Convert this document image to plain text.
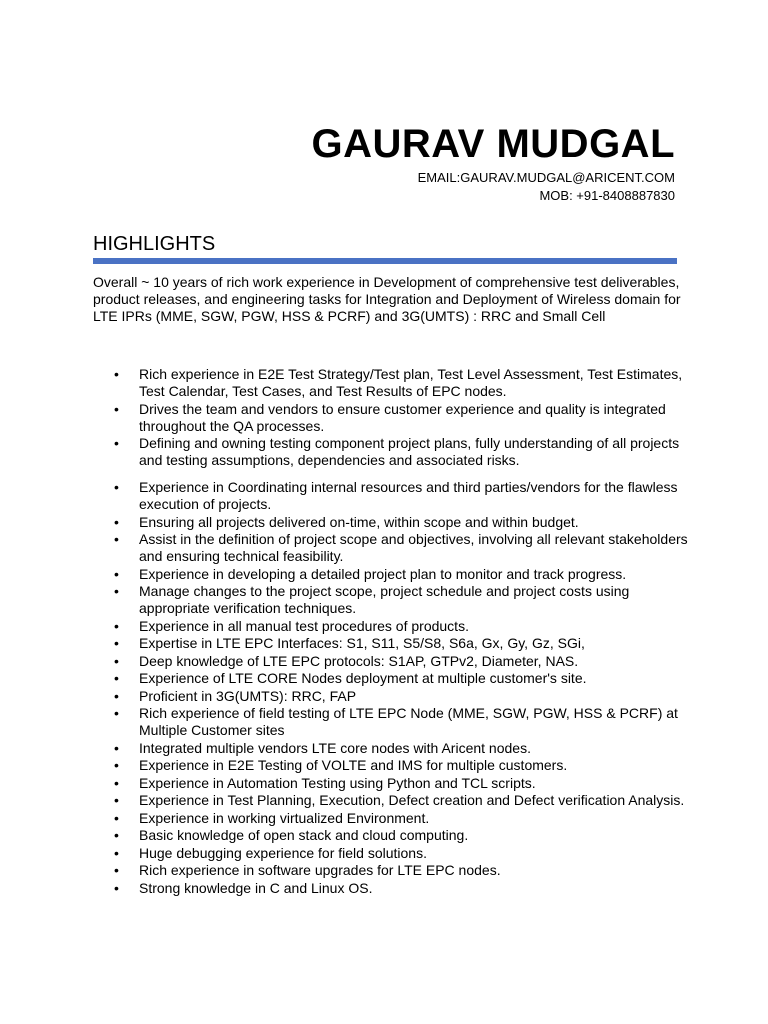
GAURAV MUDGAL
EMAIL:GAURAV.MUDGAL@ARICENT.COM
MOB: +91-8408887830
HIGHLIGHTS

Overall ~ 10 years of rich work experience in Development of comprehensive test deliverables, product releases, and engineering tasks for Integration and Deployment of Wireless domain for LTE IPRs (MME, SGW, PGW, HSS & PCRF) and 3G(UMTS) : RRC and Small Cell

• Rich experience in E2E Test Strategy/Test plan, Test Level Assessment, Test Estimates, Test Calendar, Test Cases, and Test Results of EPC nodes.
• Drives the team and vendors to ensure customer experience and quality is integrated throughout the QA processes.
• Defining and owning testing component project plans, fully understanding of all projects and testing assumptions, dependencies and associated risks.
• Experience in Coordinating internal resources and third parties/vendors for the flawless execution of projects.
• Ensuring all projects delivered on-time, within scope and within budget.
• Assist in the definition of project scope and objectives, involving all relevant stakeholders and ensuring technical feasibility.
• Experience in developing a detailed project plan to monitor and track progress.
• Manage changes to the project scope, project schedule and project costs using appropriate verification techniques.
• Experience in all manual test procedures of products.
• Expertise in LTE EPC Interfaces: S1, S11, S5/S8, S6a, Gx, Gy, Gz, SGi,
• Deep knowledge of LTE EPC protocols: S1AP, GTPv2, Diameter, NAS.
• Experience of LTE CORE Nodes deployment at multiple customer's site.
• Proficient in 3G(UMTS): RRC, FAP
• Rich experience of field testing of LTE EPC Node (MME, SGW, PGW, HSS & PCRF) at Multiple Customer sites
• Integrated multiple vendors LTE core nodes with Aricent nodes.
• Experience in E2E Testing of VOLTE and IMS for multiple customers.
• Experience in Automation Testing using Python and TCL scripts.
• Experience in Test Planning, Execution, Defect creation and Defect verification Analysis.
• Experience in working virtualized Environment.
• Basic knowledge of open stack and cloud computing.
• Huge debugging experience for field solutions.
• Rich experience in software upgrades for LTE EPC nodes.
• Strong knowledge in C and Linux OS.
